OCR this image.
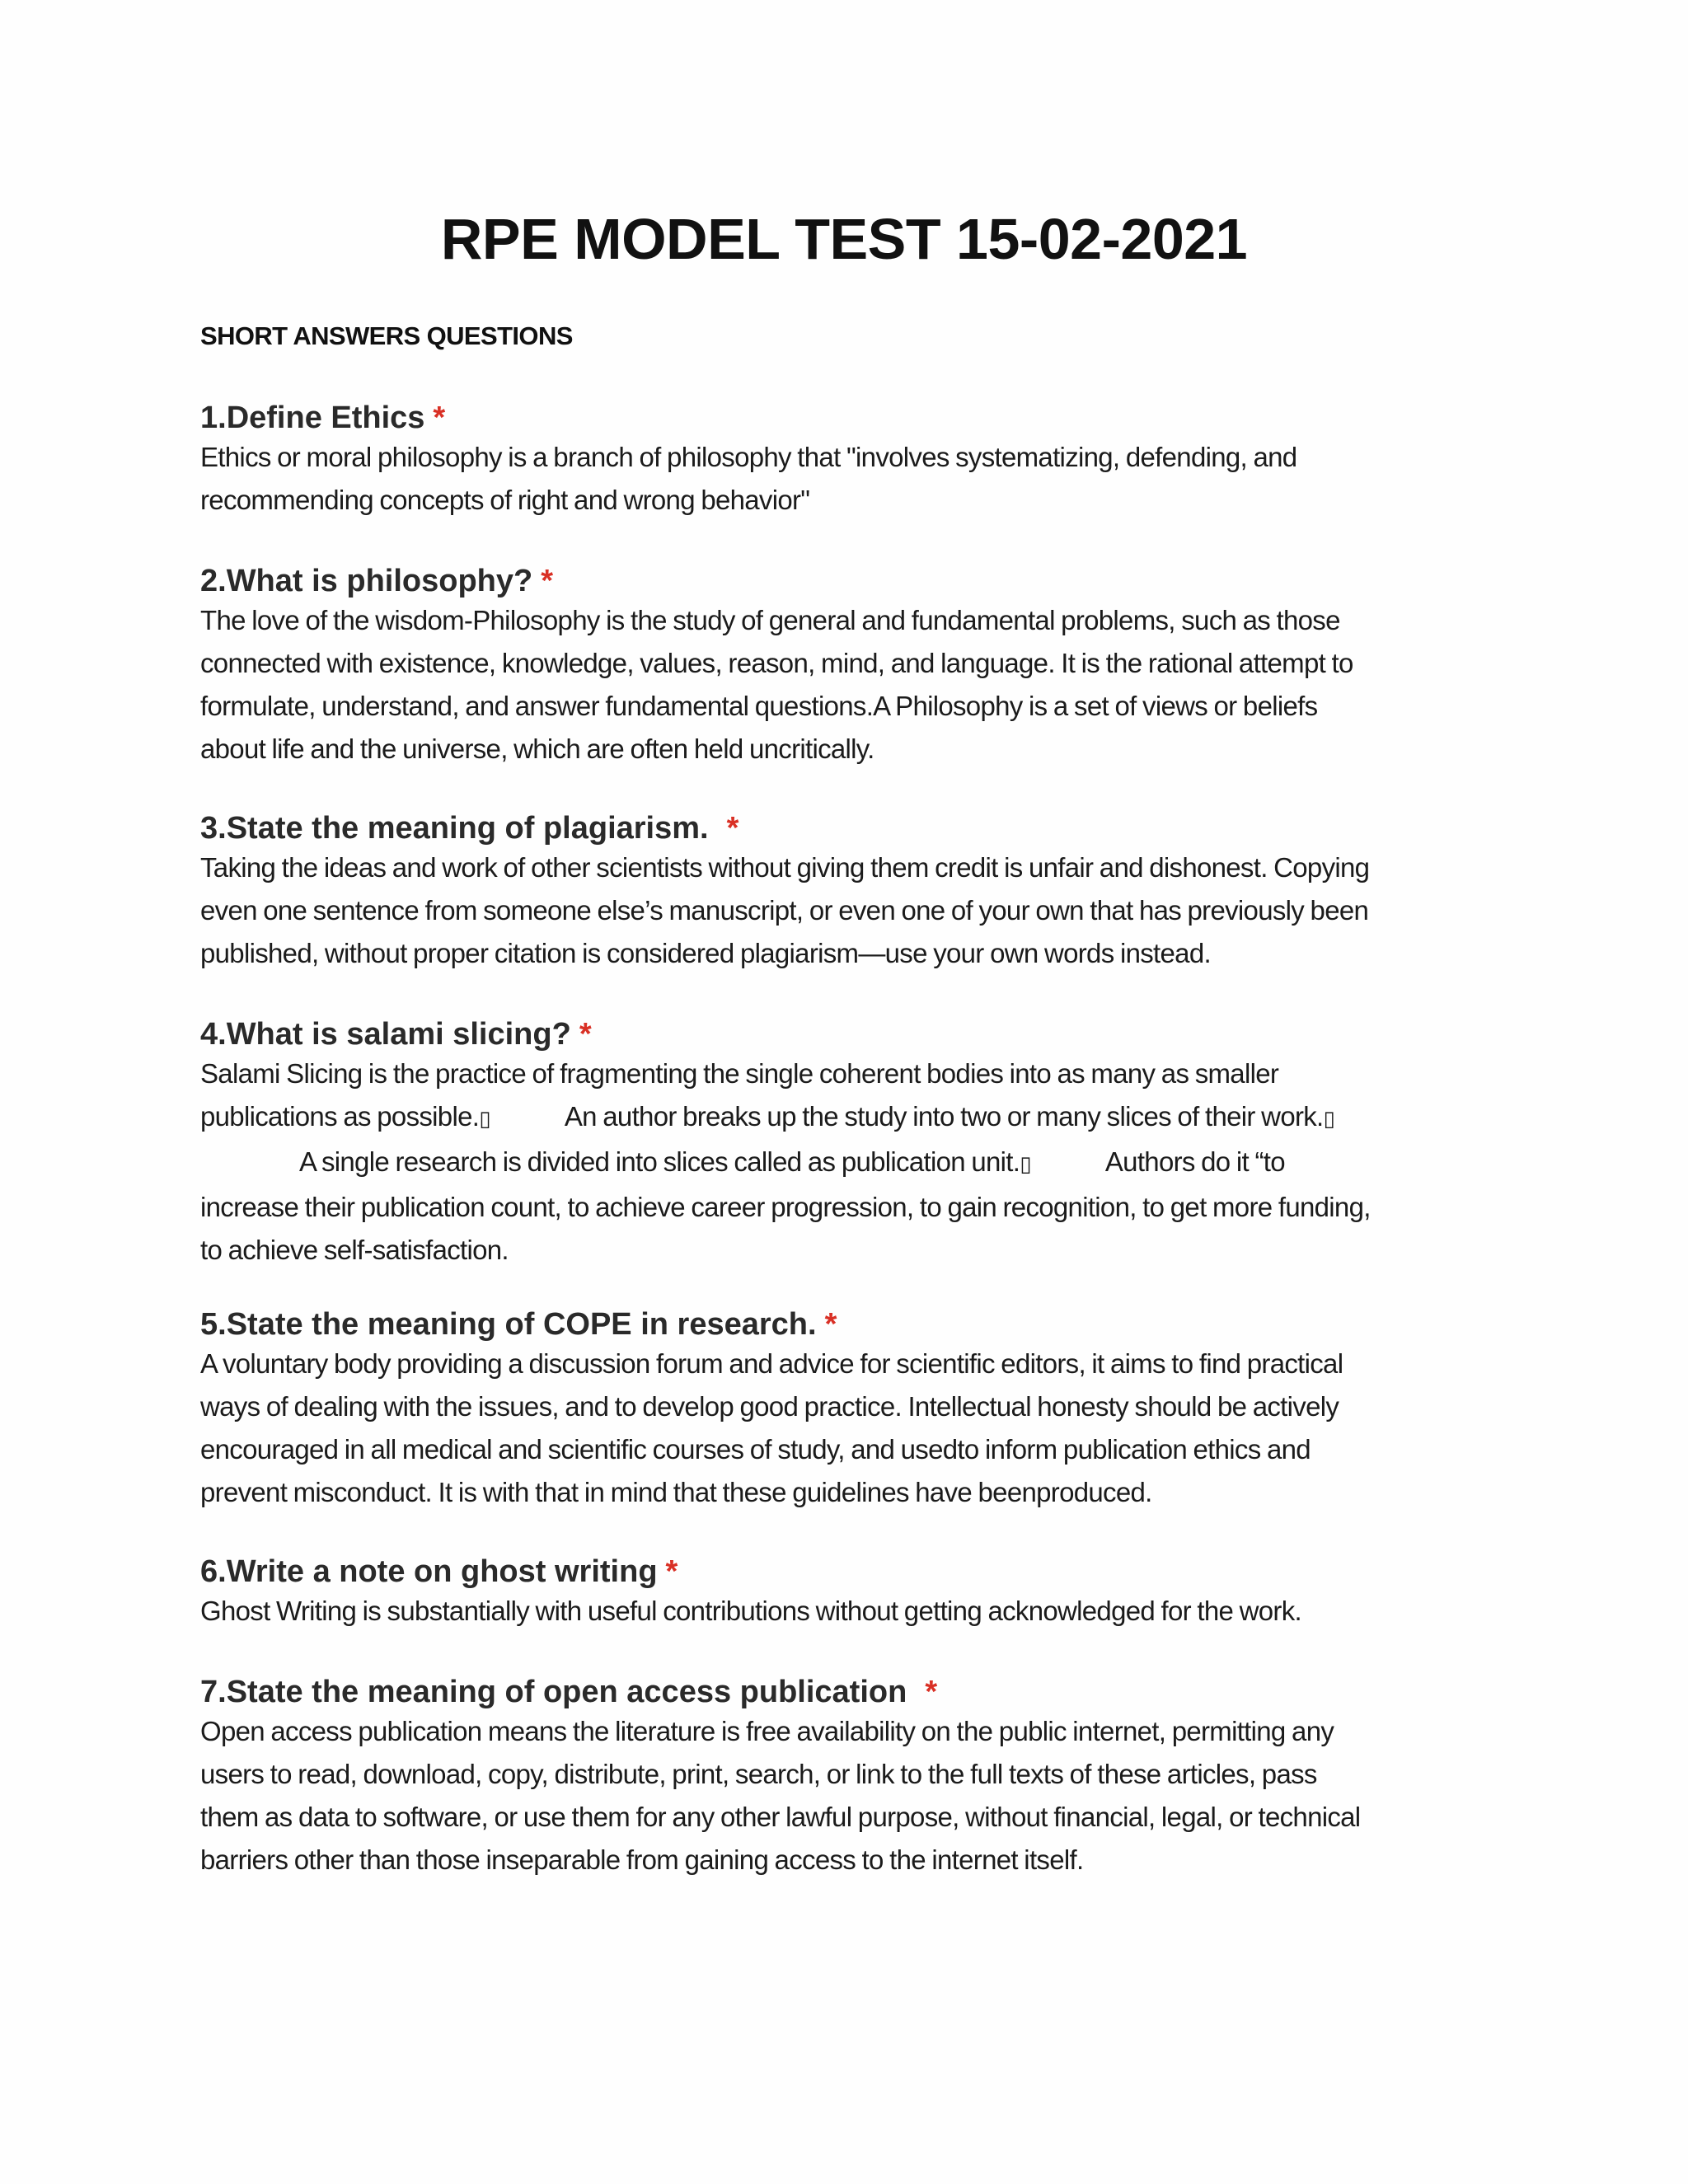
RPE MODEL TEST 15-02-2021
SHORT ANSWERS QUESTIONS
1.Define Ethics *
Ethics or moral philosophy is a branch of philosophy that "involves systematizing, defending, and
recommending concepts of right and wrong behavior"
2.What is philosophy? *
The love of the wisdom-Philosophy is the study of general and fundamental problems, such as those
connected with existence, knowledge, values, reason, mind, and language. It is the rational attempt to
formulate, understand, and answer fundamental questions.A Philosophy is a set of views or beliefs
about life and the universe, which are often held uncritically.
3.State the meaning of plagiarism. *
Taking the ideas and work of other scientists without giving them credit is unfair and dishonest. Copying
even one sentence from someone else’s manuscript, or even one of your own that has previously been
published, without proper citation is considered plagiarism—use your own words instead.
4.What is salami slicing? *
Salami Slicing is the practice of fragmenting the single coherent bodies into as many as smaller
publications as possible.▯	An author breaks up the study into two or many slices of their work.▯
A single research is divided into slices called as publication unit.▯	Authors do it “to
increase their publication count, to achieve career progression, to gain recognition, to get more funding,
to achieve self-satisfaction.
5.State the meaning of COPE in research. *
A voluntary body providing a discussion forum and advice for scientific editors, it aims to find practical
ways of dealing with the issues, and to develop good practice. Intellectual honesty should be actively
encouraged in all medical and scientific courses of study, and usedto inform publication ethics and
prevent misconduct. It is with that in mind that these guidelines have beenproduced.
6.Write a note on ghost writing *
Ghost Writing is substantially with useful contributions without getting acknowledged for the work.
7.State the meaning of open access publication *
Open access publication means the literature is free availability on the public internet, permitting any
users to read, download, copy, distribute, print, search, or link to the full texts of these articles, pass
them as data to software, or use them for any other lawful purpose, without financial, legal, or technical
barriers other than those inseparable from gaining access to the internet itself.
